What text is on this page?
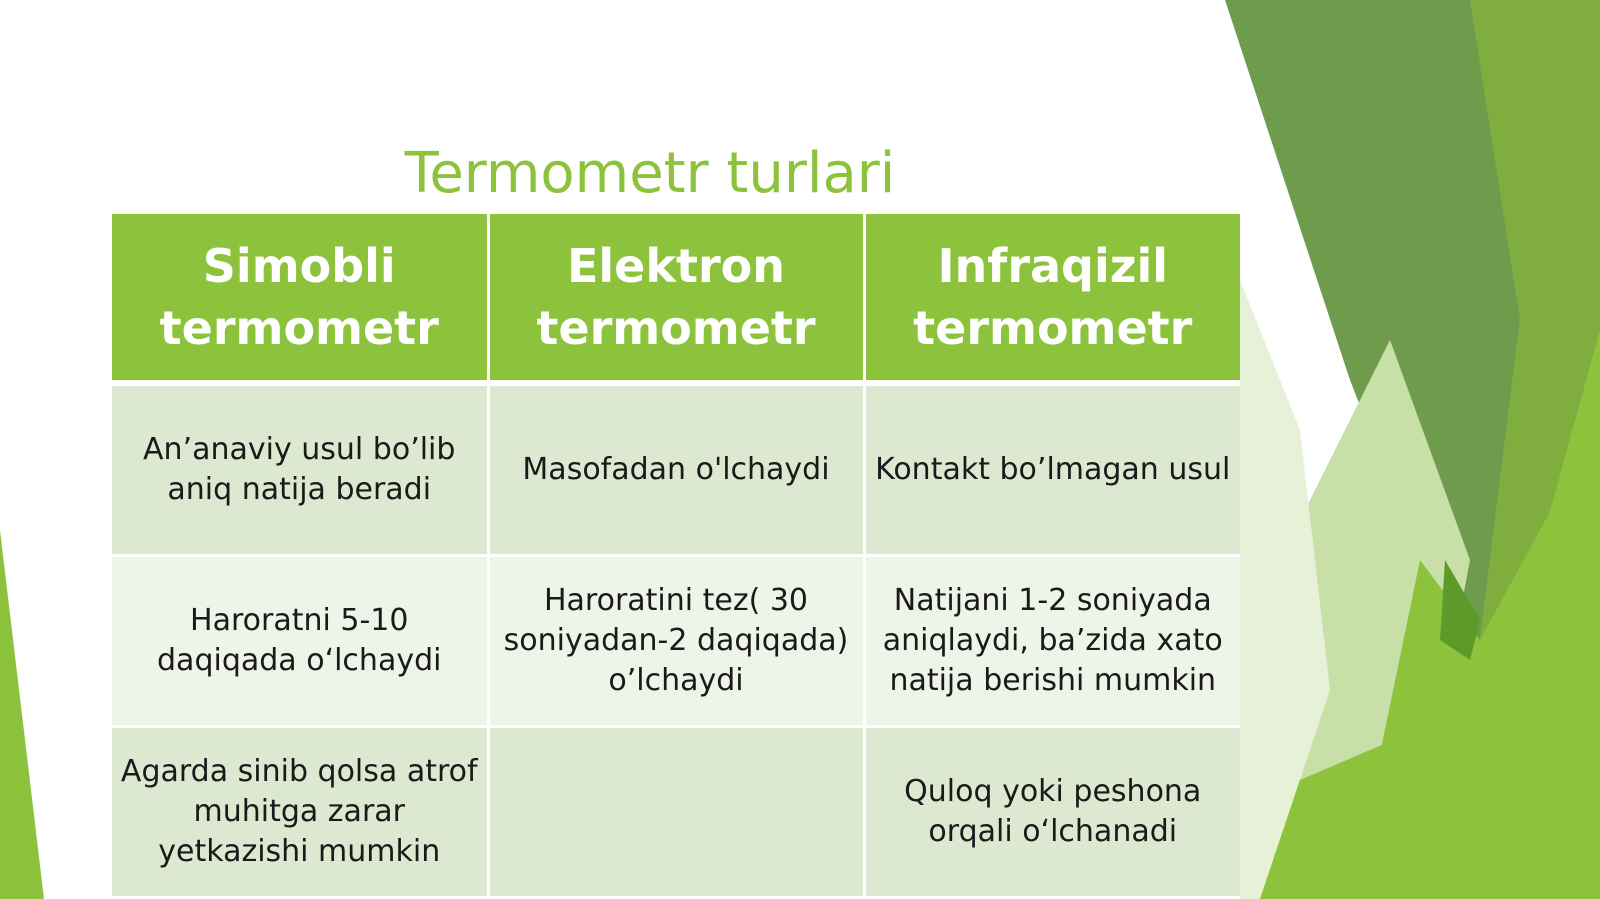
Termometr turlari
Simobli termometr	Elektron termometr	Infraqizil termometr
An’anaviy usul bo’lib aniq natija beradi	Masofadan o'lchaydi	Kontakt bo’lmagan usul
Haroratni 5-10 daqiqada o‘lchaydi	Haroratini tez( 30 soniyadan-2 daqiqada) o’lchaydi	Natijani 1-2 soniyada aniqlaydi, ba’zida xato natija berishi mumkin
Agarda sinib qolsa atrof muhitga zarar yetkazishi mumkin		Quloq yoki peshona orqali o‘lchanadi
